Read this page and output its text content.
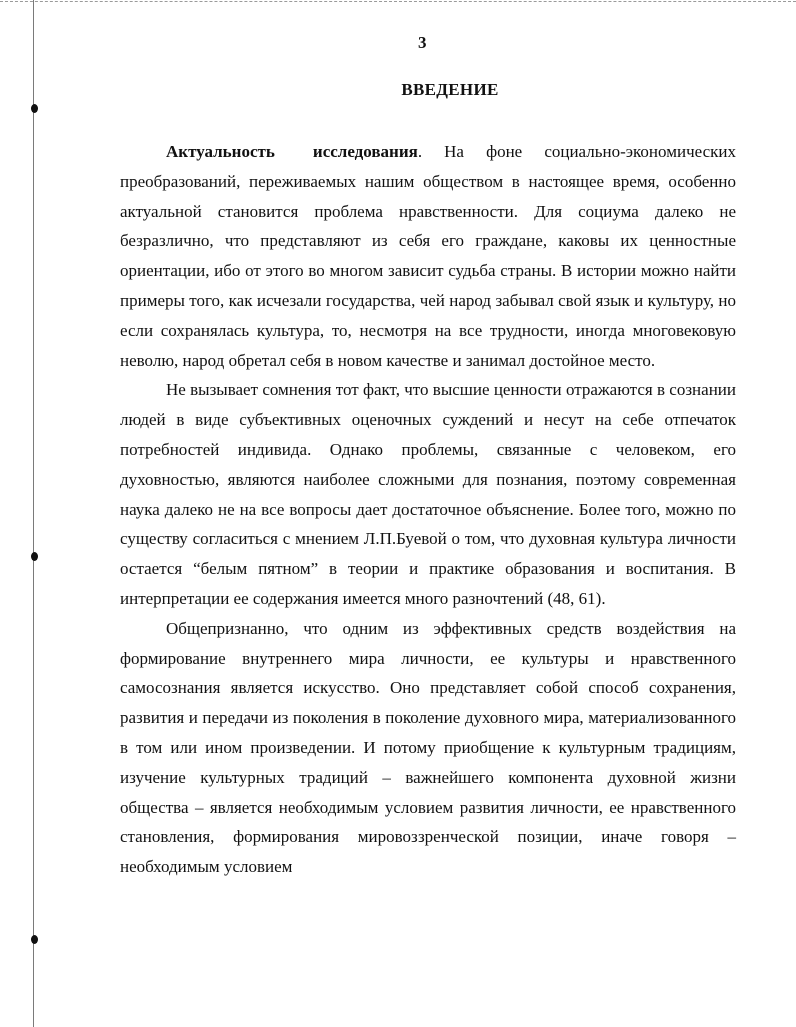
3
ВВЕДЕНИЕ

Актуальность исследования. На фоне социально-экономических преобразований, переживаемых нашим обществом в настоящее время, особенно актуальной становится проблема нравственности. Для социума далеко не безразлично, что представляют из себя его граждане, каковы их ценностные ориентации, ибо от этого во многом зависит судьба страны. В истории можно найти примеры того, как исчезали государства, чей народ забывал свой язык и культуру, но если сохранялась культура, то, несмотря на все трудности, иногда многовековую неволю, народ обретал себя в новом качестве и занимал достойное место.

Не вызывает сомнения тот факт, что высшие ценности отражаются в сознании людей в виде субъективных оценочных суждений и несут на себе отпечаток потребностей индивида. Однако проблемы, связанные с человеком, его духовностью, являются наиболее сложными для познания, поэтому современная наука далеко не на все вопросы дает достаточное объяснение. Более того, можно по существу согласиться с мнением Л.П.Буевой о том, что духовная культура личности остается “белым пятном” в теории и практике образования и воспитания. В интерпретации ее содержания имеется много разночтений (48, 61).

Общепризнанно, что одним из эффективных средств воздействия на формирование внутреннего мира личности, ее культуры и нравственного самосознания является искусство. Оно представляет собой способ сохранения, развития и передачи из поколения в поколение духовного мира, материализованного в том или ином произведении. И потому приобщение к культурным традициям, изучение культурных традиций – важнейшего компонента духовной жизни общества – является необходимым условием развития личности, ее нравственного становления, формирования мировоззренческой позиции, иначе говоря – необходимым условием
